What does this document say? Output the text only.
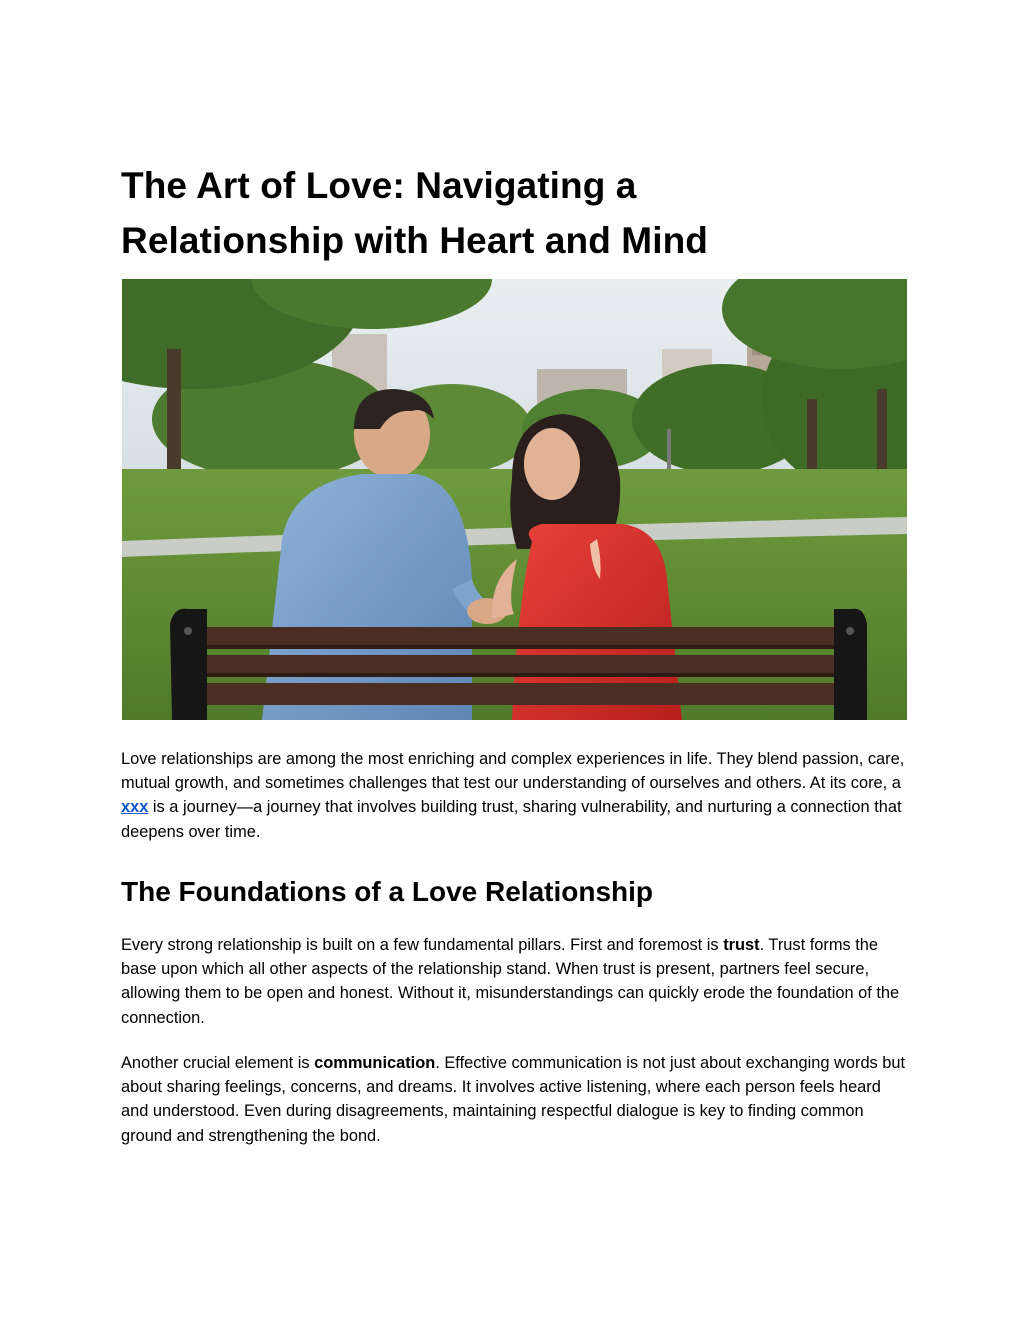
The Art of Love: Navigating a
Relationship with Heart and Mind

Love relationships are among the most enriching and complex experiences in life. They blend passion, care, mutual growth, and sometimes challenges that test our understanding of ourselves and others. At its core, a xxx is a journey—a journey that involves building trust, sharing vulnerability, and nurturing a connection that deepens over time.

The Foundations of a Love Relationship

Every strong relationship is built on a few fundamental pillars. First and foremost is trust. Trust forms the base upon which all other aspects of the relationship stand. When trust is present, partners feel secure, allowing them to be open and honest. Without it, misunderstandings can quickly erode the foundation of the connection.

Another crucial element is communication. Effective communication is not just about exchanging words but about sharing feelings, concerns, and dreams. It involves active listening, where each person feels heard and understood. Even during disagreements, maintaining respectful dialogue is key to finding common ground and strengthening the bond.
